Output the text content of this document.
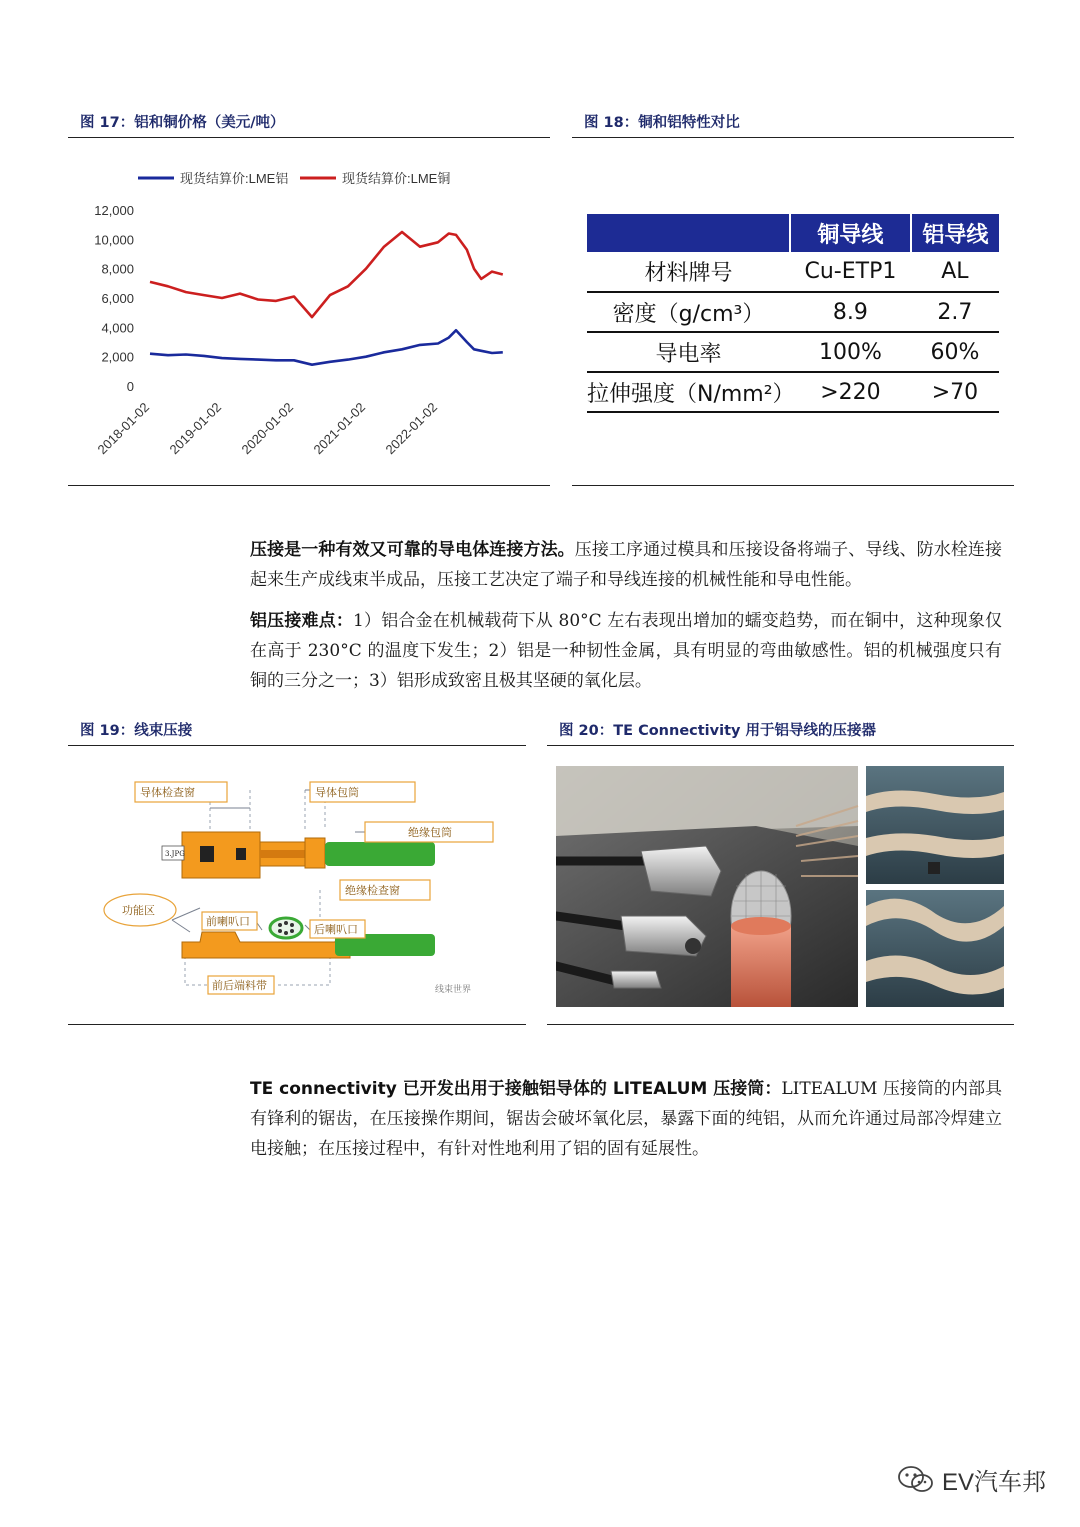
图 17：铝和铜价格（美元/吨）
0
2,000
4,000
6,000
8,000
10,000
12,000
2018-01-02 2019-01-02 2020-01-02 2021-01-02 2022-01-02
现货结算价:LME铝	现货结算价:LME铜
图 18：铜和铝特性对比
	铜导线	铝导线
材料牌号	Cu-ETP1	AL
密度（g/cm³）	8.9	2.7
导电率	100%	60%
拉伸强度（N/mm²）	>220	>70

压接是一种有效又可靠的导电体连接方法。压接工序通过模具和压接设备将端子、导线、防水栓连接起来生产成线束半成品，压接工艺决定了端子和导线连接的机械性能和导电性能。

铝压接难点：1）铝合金在机械载荷下从 80°C 左右表现出增加的蠕变趋势，而在铜中，这种现象仅在高于 230°C 的温度下发生；2）铝是一种韧性金属，具有明显的弯曲敏感性。铝的机械强度只有铜的三分之一；3）铝形成致密且极其坚硬的氧化层。

图 19：线束压接
3.JPG
导体检查窗	导体包筒
绝缘包筒
绝缘检查窗
功能区
前喇叭口
后喇叭口
前后端料带	线束世界
图 20：TE Connectivity 用于铝导线的压接器

TE connectivity 已开发出用于接触铝导体的 LITEALUM 压接筒：LITEALUM 压接筒的内部具有锋利的锯齿，在压接操作期间，锯齿会破坏氧化层，暴露下面的纯铝，从而允许通过局部冷焊建立电接触；在压接过程中，有针对性地利用了铝的固有延展性。

EV汽车邦
